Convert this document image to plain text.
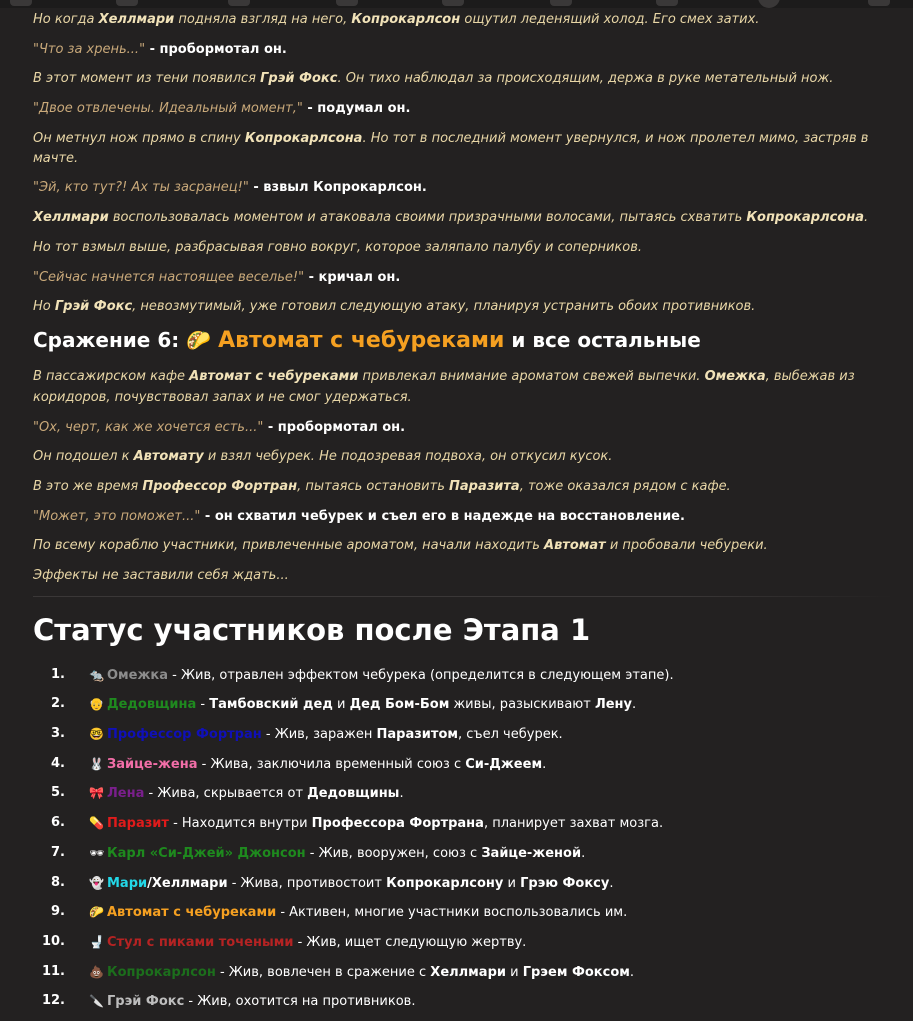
Но когда Хеллмари подняла взгляд на него, Копрокарлсон ощутил леденящий холод. Его смех затих.

"Что за хрень..." - пробормотал он.

В этот момент из тени появился Грэй Фокс. Он тихо наблюдал за происходящим, держа в руке метательный нож.

"Двое отвлечены. Идеальный момент," - подумал он.

Он метнул нож прямо в спину Копрокарлсона. Но тот в последний момент увернулся, и нож пролетел мимо, застряв в мачте.

"Эй, кто тут?! Ах ты засранец!" - взвыл Копрокарлсон.

Хеллмари воспользовалась моментом и атаковала своими призрачными волосами, пытаясь схватить Копрокарлсона.

Но тот взмыл выше, разбрасывая говно вокруг, которое заляпало палубу и соперников.

"Сейчас начнется настоящее веселье!" - кричал он.

Но Грэй Фокс, невозмутимый, уже готовил следующую атаку, планируя устранить обоих противников.

Сражение 6: 🌮 Автомат с чебуреками и все остальные

В пассажирском кафе Автомат с чебуреками привлекал внимание ароматом свежей выпечки. Омежка, выбежав из коридоров, почувствовал запах и не смог удержаться.

"Ох, черт, как же хочется есть..." - пробормотал он.

Он подошел к Автомату и взял чебурек. Не подозревая подвоха, он откусил кусок.

В это же время Профессор Фортран, пытаясь остановить Паразита, тоже оказался рядом с кафе.

"Может, это поможет..." - он схватил чебурек и съел его в надежде на восстановление.

По всему кораблю участники, привлеченные ароматом, начали находить Автомат и пробовали чебуреки.

Эффекты не заставили себя ждать...

Статус участников после Этапа 1
1. 🐀 Омежка - Жив, отравлен эффектом чебурека (определится в следующем этапе).
2. 👴 Дедовщина - Тамбовский дед и Дед Бом-Бом живы, разыскивают Лену.
3. 🤓 Профессор Фортран - Жив, заражен Паразитом, съел чебурек.
4. 🐰 Зайце-жена - Жива, заключила временный союз с Си-Джеем.
5. 🎀 Лена - Жива, скрывается от Дедовщины.
6. 💊 Паразит - Находится внутри Профессора Фортрана, планирует захват мозга.
7. 🕶 Карл «Си-Джей» Джонсон - Жив, вооружен, союз с Зайце-женой.
8. 👻 Мари/Хеллмари - Жива, противостоит Копрокарлсону и Грэю Фоксу.
9. 🌮 Автомат с чебуреками - Активен, многие участники воспользовались им.
10. 🚽 Стул с пиками точеными - Жив, ищет следующую жертву.
11. 💩 Копрокарлсон - Жив, вовлечен в сражение с Хеллмари и Грэем Фоксом.
12. 🔪 Грэй Фокс - Жив, охотится на противников.
